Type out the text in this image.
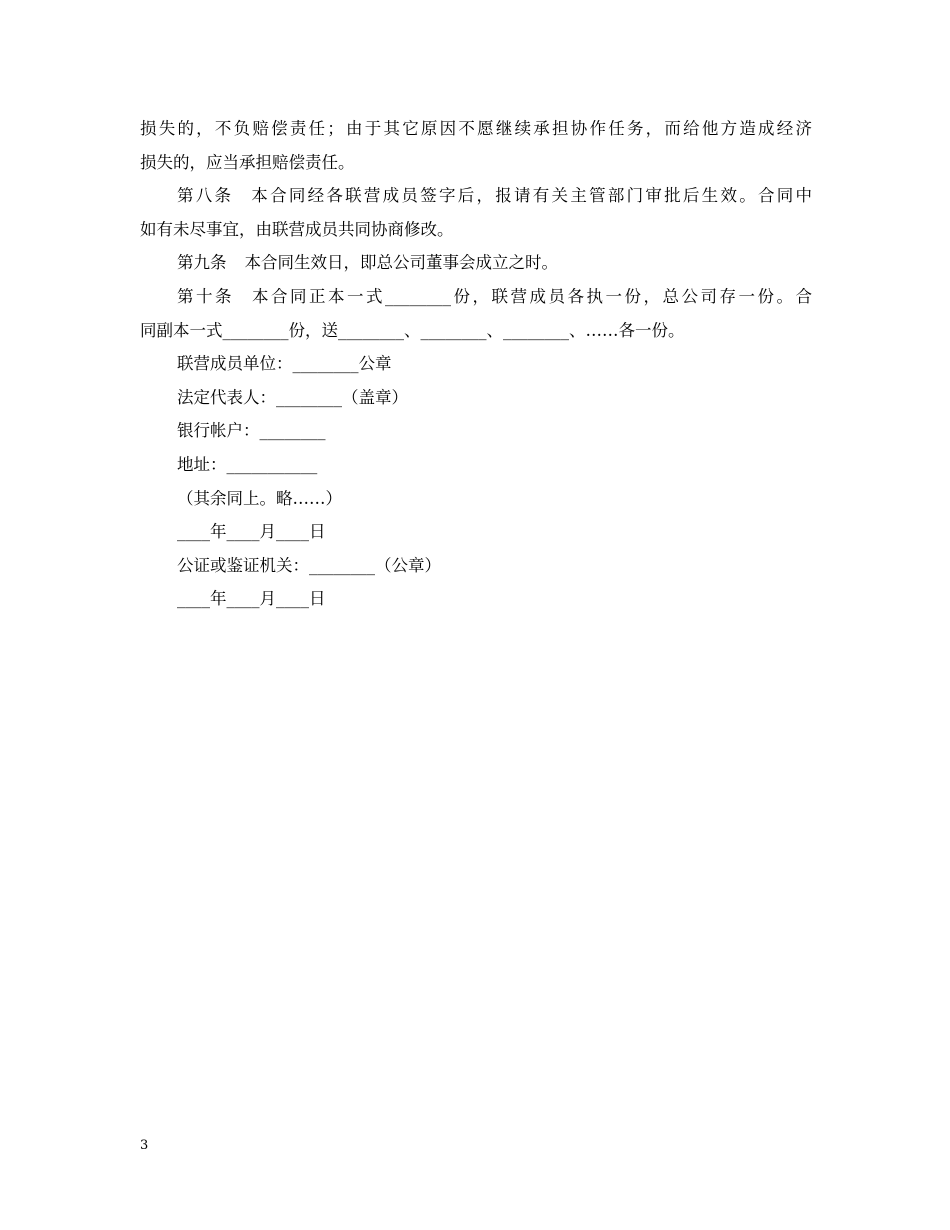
损失的，不负赔偿责任；由于其它原因不愿继续承担协作任务，而给他方造成经济

损失的，应当承担赔偿责任。

第八条 本合同经各联营成员签字后，报请有关主管部门审批后生效。合同中

如有未尽事宜，由联营成员共同协商修改。

第九条 本合同生效日，即总公司董事会成立之时。

第十条 本合同正本一式________份，联营成员各执一份，总公司存一份。合

同副本一式________份，送________、________、________、……各一份。

联营成员单位：________公章

法定代表人：________（盖章）

银行帐户：________

地址：___________

（其余同上。略……）

____年____月____日

公证或鉴证机关：________（公章）

____年____月____日

3
